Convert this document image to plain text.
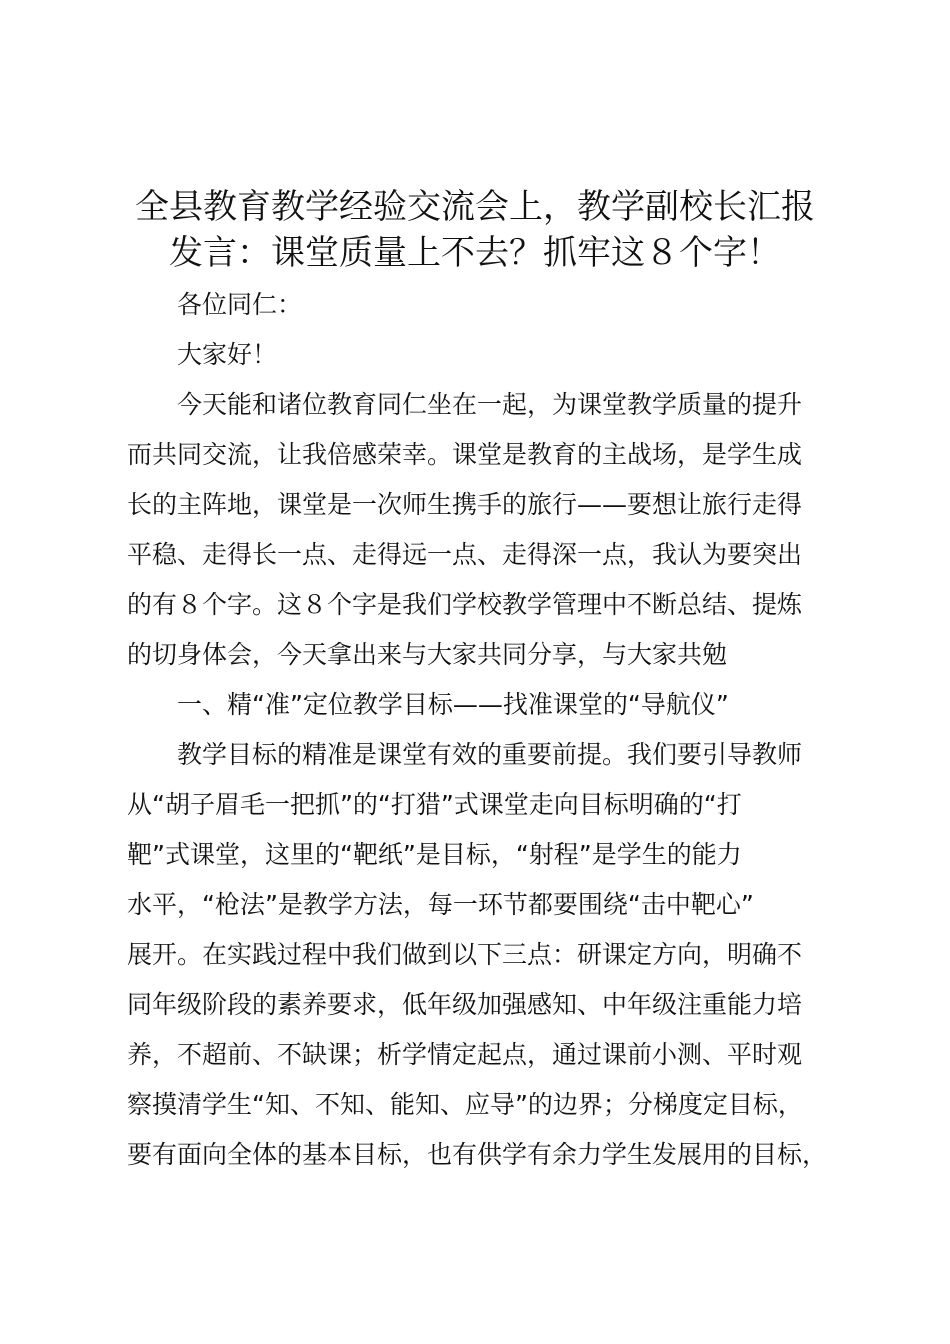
全县教育教学经验交流会上，教学副校长汇报
发言：课堂质量上不去？抓牢这８个字！

各位同仁：

大家好！

今天能和诸位教育同仁坐在一起，为课堂教学质量的提升
而共同交流，让我倍感荣幸。课堂是教育的主战场，是学生成
长的主阵地，课堂是一次师生携手的旅行——要想让旅行走得
平稳、走得长一点、走得远一点、走得深一点，我认为要突出
的有８个字。这８个字是我们学校教学管理中不断总结、提炼
的切身体会，今天拿出来与大家共同分享，与大家共勉

一、精“准”定位教学目标——找准课堂的“导航仪”

教学目标的精准是课堂有效的重要前提。我们要引导教师
从“胡子眉毛一把抓”的“打猎”式课堂走向目标明确的“打
靶”式课堂，这里的“靶纸”是目标，“射程”是学生的能力
水平，“枪法”是教学方法，每一环节都要围绕“击中靶心”
展开。在实践过程中我们做到以下三点：研课定方向，明确不
同年级阶段的素养要求，低年级加强感知、中年级注重能力培
养，不超前、不缺课；析学情定起点，通过课前小测、平时观
察摸清学生“知、不知、能知、应导”的边界；分梯度定目标，
要有面向全体的基本目标，也有供学有余力学生发展用的目标，
